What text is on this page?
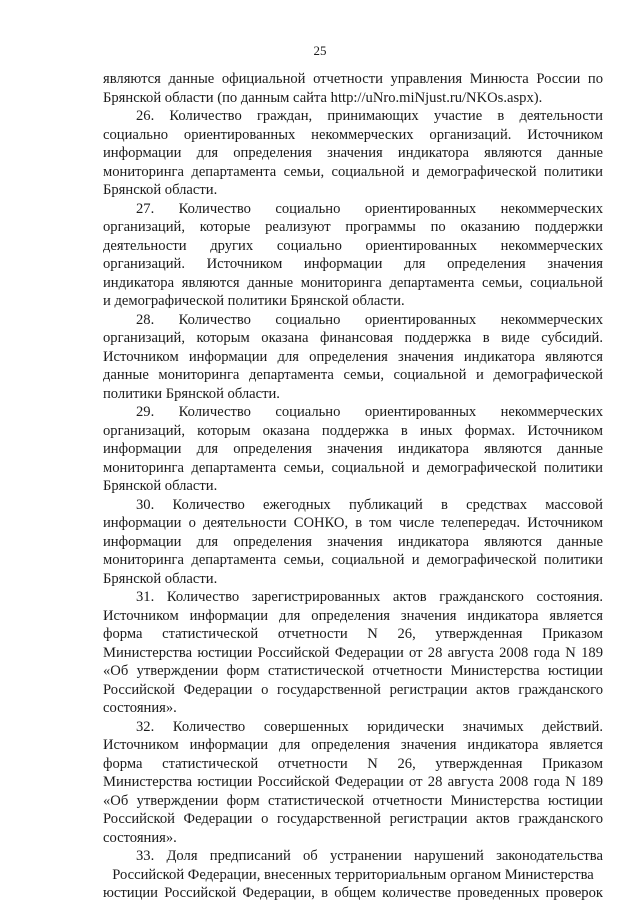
25
являются данные официальной отчетности управления Минюста России по
Брянской области (по данным сайта http://uNro.miNjust.ru/NKOs.aspx).
26. Количество граждан, принимающих участие в деятельности
социально ориентированных некоммерческих организаций. Источником
информации для определения значения индикатора являются данные
мониторинга департамента семьи, социальной и демографической политики
Брянской области.
27. Количество социально ориентированных некоммерческих
организаций, которые реализуют программы по оказанию поддержки
деятельности других социально ориентированных некоммерческих
организаций. Источником информации для определения значения
индикатора являются данные мониторинга департамента семьи, социальной
и демографической политики Брянской области.
28. Количество социально ориентированных некоммерческих
организаций, которым оказана финансовая поддержка в виде субсидий.
Источником информации для определения значения индикатора являются
данные мониторинга департамента семьи, социальной и демографической
политики Брянской области.
29. Количество социально ориентированных некоммерческих
организаций, которым оказана поддержка в иных формах. Источником
информации для определения значения индикатора являются данные
мониторинга департамента семьи, социальной и демографической политики
Брянской области.
30. Количество ежегодных публикаций в средствах массовой
информации о деятельности СОНКО, в том числе телепередач. Источником
информации для определения значения индикатора являются данные
мониторинга департамента семьи, социальной и демографической политики
Брянской области.
31. Количество зарегистрированных актов гражданского состояния.
Источником информации для определения значения индикатора является
форма статистической отчетности N 26, утвержденная Приказом
Министерства юстиции Российской Федерации от 28 августа 2008 года N 189
«Об утверждении форм статистической отчетности Министерства юстиции
Российской Федерации о государственной регистрации актов гражданского
состояния».
32. Количество совершенных юридически значимых действий.
Источником информации для определения значения индикатора является
форма статистической отчетности N 26, утвержденная Приказом
Министерства юстиции Российской Федерации от 28 августа 2008 года N 189
«Об утверждении форм статистической отчетности Министерства юстиции
Российской Федерации о государственной регистрации актов гражданского
состояния».
33. Доля предписаний об устранении нарушений законодательства
Российской Федерации, внесенных территориальным органом Министерства
юстиции Российской Федерации, в общем количестве проведенных проверок
